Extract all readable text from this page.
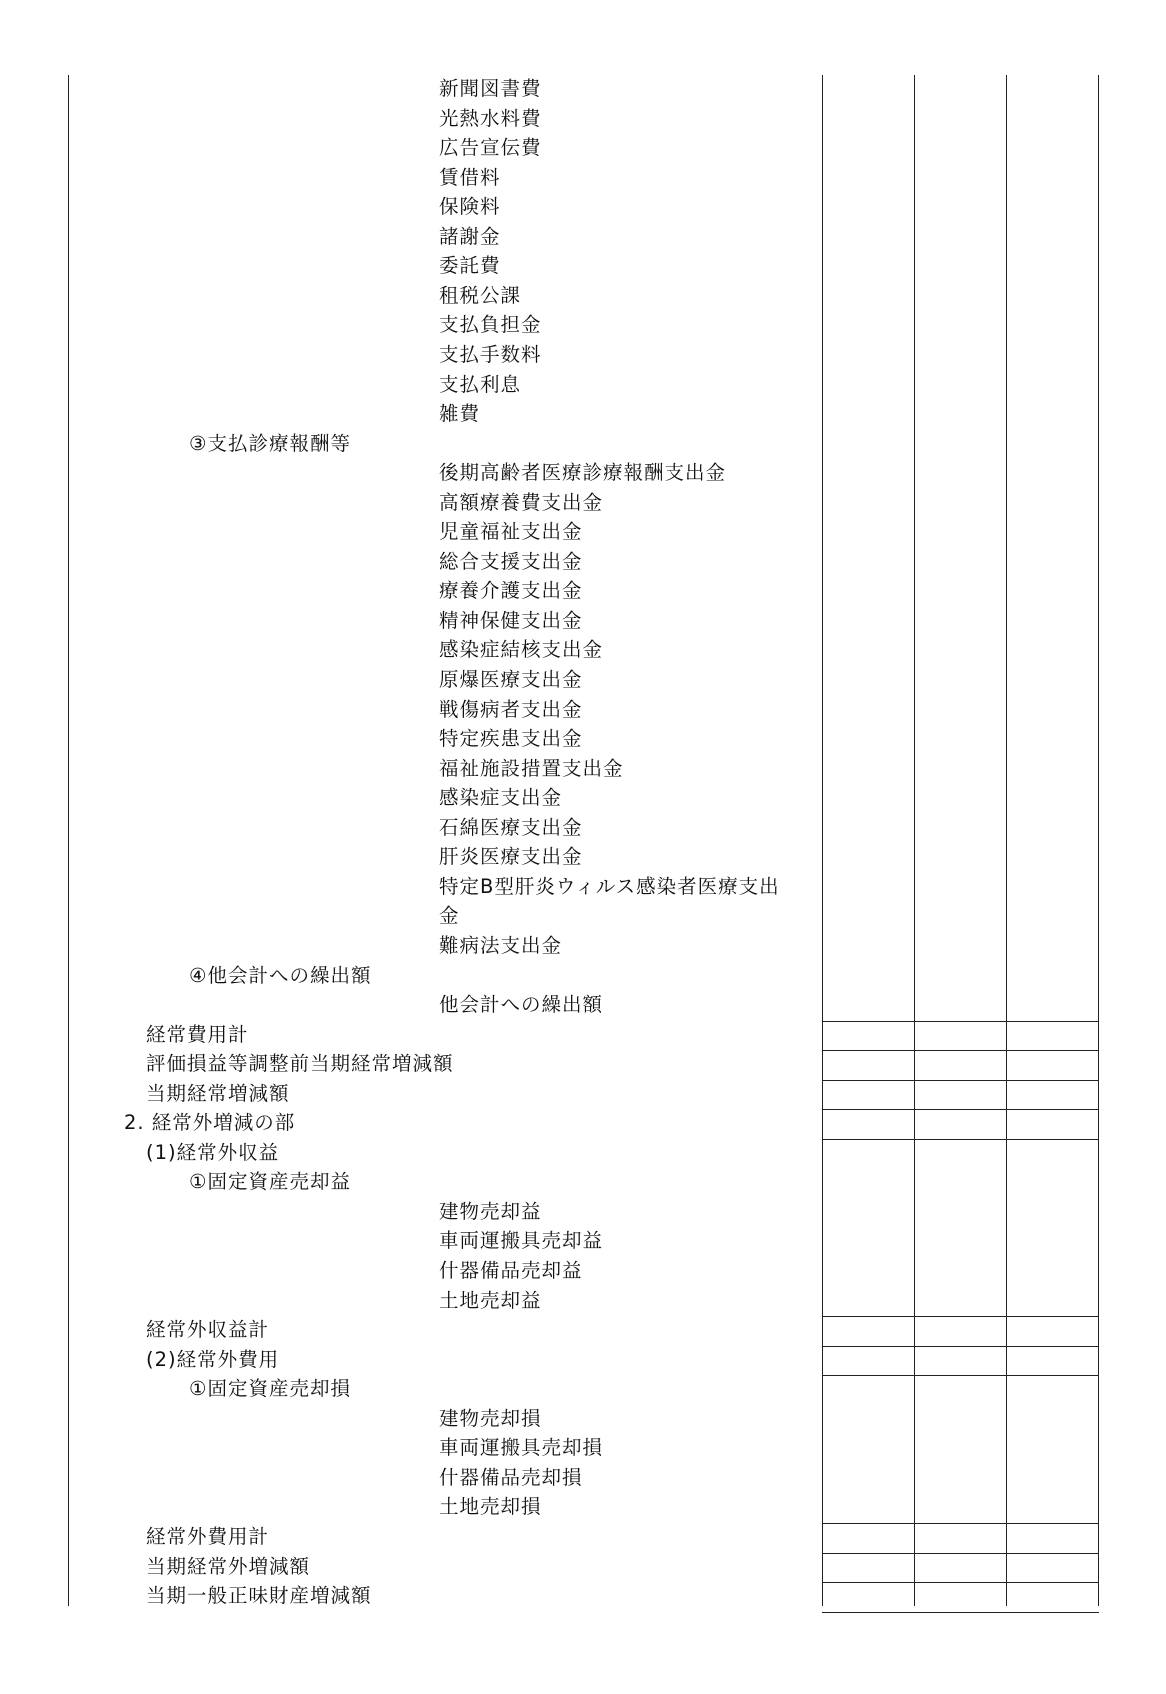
新聞図書費
光熱水料費
広告宣伝費
賃借料
保険料
諸謝金
委託費
租税公課
支払負担金
支払手数料
支払利息
雑費
③支払診療報酬等
後期高齢者医療診療報酬支出金
高額療養費支出金
児童福祉支出金
総合支援支出金
療養介護支出金
精神保健支出金
感染症結核支出金
原爆医療支出金
戦傷病者支出金
特定疾患支出金
福祉施設措置支出金
感染症支出金
石綿医療支出金
肝炎医療支出金
特定B型肝炎ウィルス感染者医療支出
金
難病法支出金
④他会計への繰出額
他会計への繰出額
経常費用計
評価損益等調整前当期経常増減額
当期経常増減額
2. 経常外増減の部
(1)経常外収益
①固定資産売却益
建物売却益
車両運搬具売却益
什器備品売却益
土地売却益
経常外収益計
(2)経常外費用
①固定資産売却損
建物売却損
車両運搬具売却損
什器備品売却損
土地売却損
経常外費用計
当期経常外増減額
当期一般正味財産増減額
